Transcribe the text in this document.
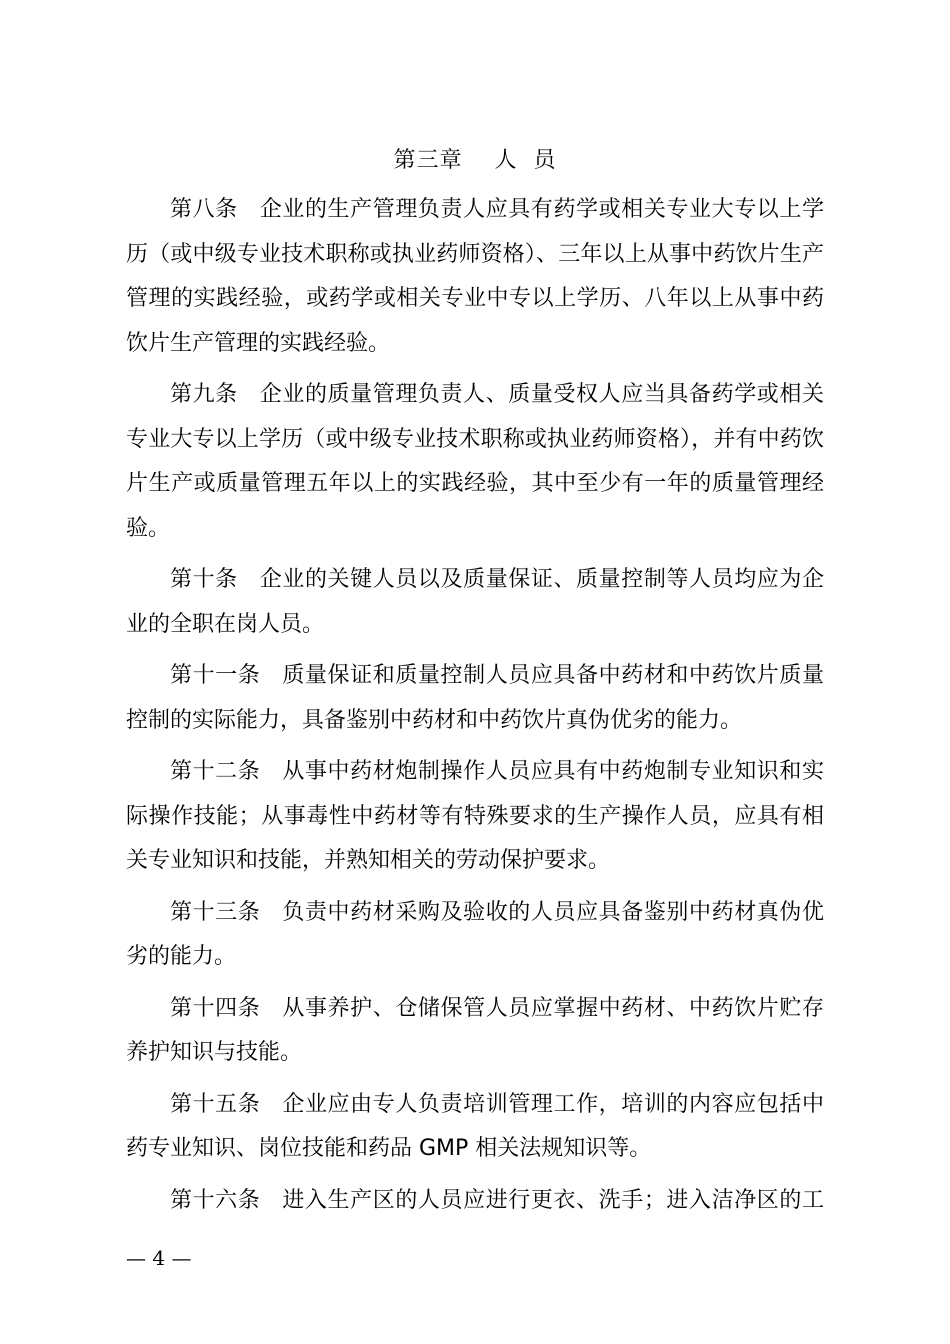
第三章    人  员

第八条 企业的生产管理负责人应具有药学或相关专业大专以上学历（或中级专业技术职称或执业药师资格）、三年以上从事中药饮片生产管理的实践经验，或药学或相关专业中专以上学历、八年以上从事中药饮片生产管理的实践经验。

第九条 企业的质量管理负责人、质量受权人应当具备药学或相关专业大专以上学历（或中级专业技术职称或执业药师资格），并有中药饮片生产或质量管理五年以上的实践经验，其中至少有一年的质量管理经验。

第十条 企业的关键人员以及质量保证、质量控制等人员均应为企业的全职在岗人员。

第十一条 质量保证和质量控制人员应具备中药材和中药饮片质量控制的实际能力，具备鉴别中药材和中药饮片真伪优劣的能力。

第十二条 从事中药材炮制操作人员应具有中药炮制专业知识和实际操作技能；从事毒性中药材等有特殊要求的生产操作人员，应具有相关专业知识和技能，并熟知相关的劳动保护要求。

第十三条 负责中药材采购及验收的人员应具备鉴别中药材真伪优劣的能力。

第十四条 从事养护、仓储保管人员应掌握中药材、中药饮片贮存养护知识与技能。

第十五条 企业应由专人负责培训管理工作，培训的内容应包括中药专业知识、岗位技能和药品 GMP 相关法规知识等。

第十六条 进入生产区的人员应进行更衣、洗手；进入洁净区的工

— 4 —
